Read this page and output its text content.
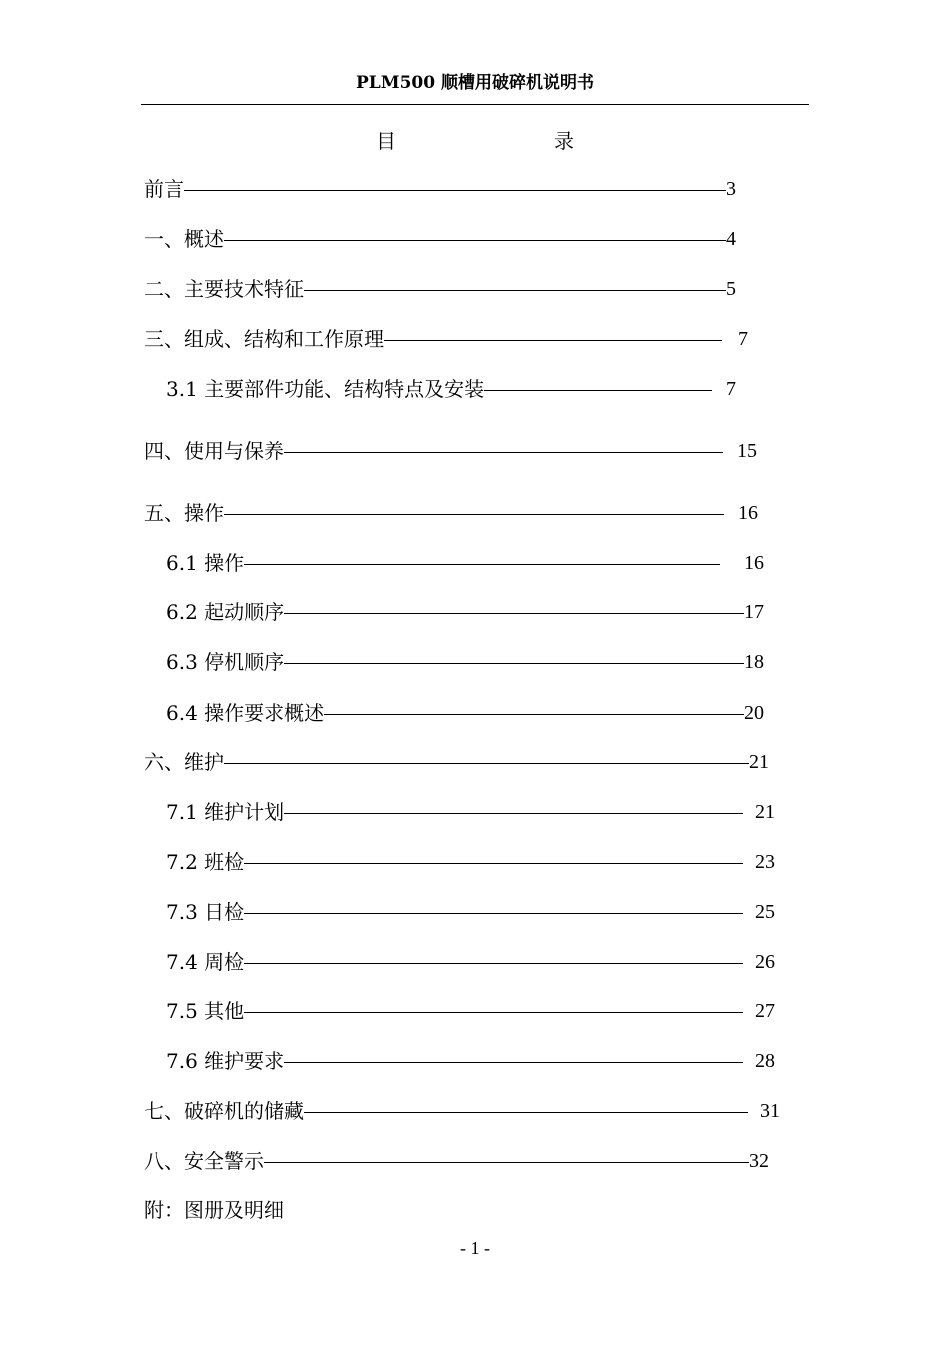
PLM500 顺槽用破碎机说明书
目	录
前言	3
一、概述	4
二、主要技术特征	5
三、组成、结构和工作原理	7
3.1 主要部件功能、结构特点及安装	7
四、使用与保养	15
五、操作	16
6.1 操作	16
6.2 起动顺序	17
6.3 停机顺序	18
6.4 操作要求概述	20
六、维护	21
7.1 维护计划	21
7.2 班检	23
7.3 日检	25
7.4 周检	26
7.5 其他	27
7.6 维护要求	28
七、破碎机的储藏	31
八、安全警示	32
附：图册及明细
- 1 -
